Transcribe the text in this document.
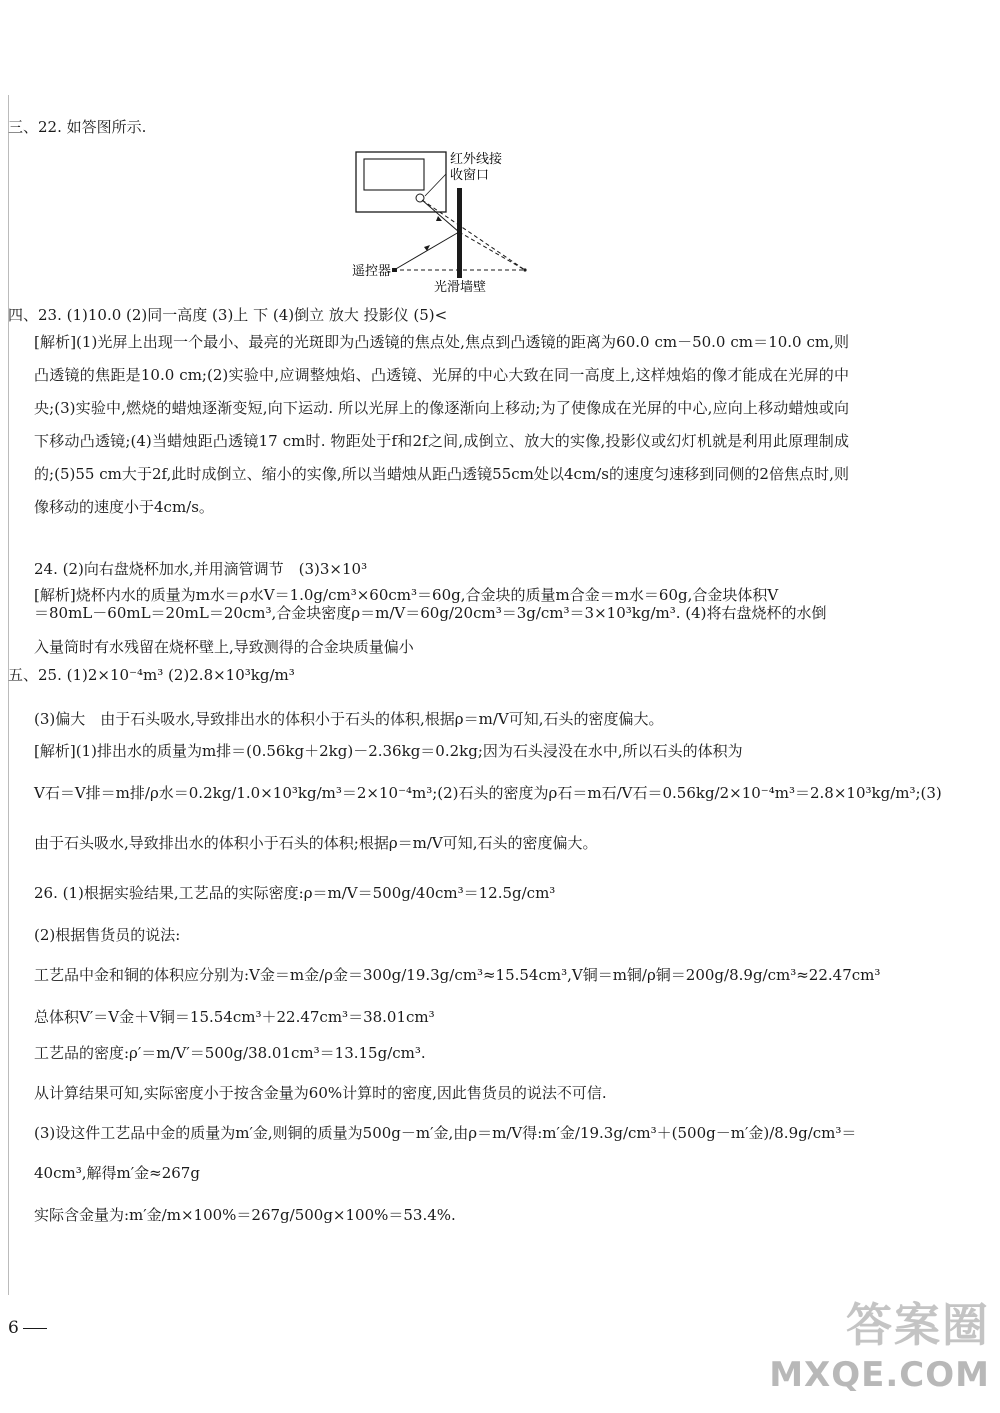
三、22. 如答图所示.
红外线接
收窗口
遥控器
光滑墙壁
四、23. (1)10.0 (2)同一高度 (3)上 下 (4)倒立 放大 投影仪 (5)<
[解析](1)光屏上出现一个最小、最亮的光斑即为凸透镜的焦点处,焦点到凸透镜的距离为60.0 cm－50.0 cm＝10.0 cm,则凸透镜的焦距是10.0 cm;(2)实验中,应调整烛焰、凸透镜、光屏的中心大致在同一高度上,这样烛焰的像才能成在光屏的中央;(3)实验中,燃烧的蜡烛逐渐变短,向下运动. 所以光屏上的像逐渐向上移动;为了使像成在光屏的中心,应向上移动蜡烛或向下移动凸透镜;(4)当蜡烛距凸透镜17 cm时. 物距处于f和2f之间,成倒立、放大的实像,投影仪或幻灯机就是利用此原理制成的;(5)55 cm大于2f,此时成倒立、缩小的实像,所以当蜡烛从距凸透镜55cm处以4cm/s的速度匀速移到同侧的2倍焦点时,则像移动的速度小于4cm/s。
24. (2)向右盘烧杯加水,并用滴管调节　(3)3×10³
[解析]烧杯内水的质量为m水＝ρ水V＝1.0g/cm³×60cm³＝60g,合金块的质量m合金＝m水＝60g,合金块体积V
＝80mL－60mL＝20mL＝20cm³,合金块密度ρ＝m/V＝60g/20cm³＝3g/cm³＝3×10³kg/m³. (4)将右盘烧杯的水倒
入量筒时有水残留在烧杯壁上,导致测得的合金块质量偏小
五、25. (1)2×10⁻⁴m³ (2)2.8×10³kg/m³
(3)偏大　由于石头吸水,导致排出水的体积小于石头的体积,根据ρ＝m/V可知,石头的密度偏大。
[解析](1)排出水的质量为m排＝(0.56kg＋2kg)－2.36kg＝0.2kg;因为石头浸没在水中,所以石头的体积为
V石＝V排＝m排/ρ水＝0.2kg/1.0×10³kg/m³＝2×10⁻⁴m³;(2)石头的密度为ρ石＝m石/V石＝0.56kg/2×10⁻⁴m³＝2.8×10³kg/m³;(3)
由于石头吸水,导致排出水的体积小于石头的体积;根据ρ＝m/V可知,石头的密度偏大。
26. (1)根据实验结果,工艺品的实际密度:ρ＝m/V＝500g/40cm³＝12.5g/cm³
(2)根据售货员的说法:
工艺品中金和铜的体积应分别为:V金＝m金/ρ金＝300g/19.3g/cm³≈15.54cm³,V铜＝m铜/ρ铜＝200g/8.9g/cm³≈22.47cm³
总体积V′＝V金＋V铜＝15.54cm³＋22.47cm³＝38.01cm³
工艺品的密度:ρ′＝m/V′＝500g/38.01cm³＝13.15g/cm³.
从计算结果可知,实际密度小于按含金量为60%计算时的密度,因此售货员的说法不可信.
(3)设这件工艺品中金的质量为m′金,则铜的质量为500g－m′金,由ρ＝m/V得:m′金/19.3g/cm³＋(500g－m′金)/8.9g/cm³＝
40cm³,解得m′金≈267g
实际含金量为:m′金/m×100%＝267g/500g×100%＝53.4%.
6	答案圈
MXQE.COM
